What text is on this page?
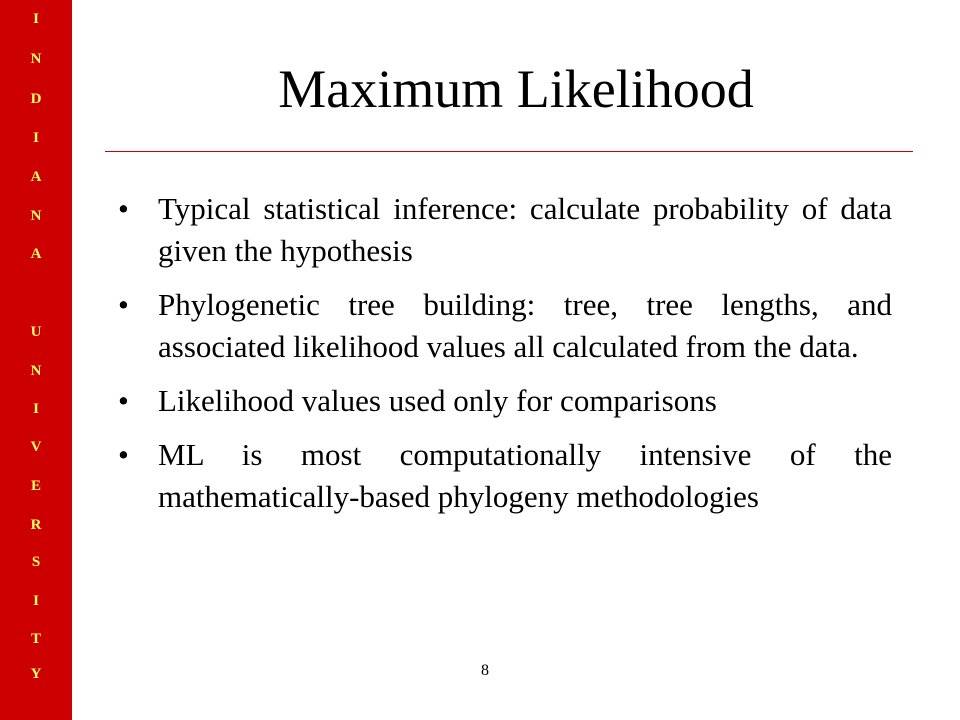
I
N
D
I
A
N
A
U
N
I
V
E
R
S
I
T
Y
Maximum Likelihood
• Typical statistical inference: calculate probability of data given the hypothesis
• Phylogenetic tree building: tree, tree lengths, and associated likelihood values all calculated from the data.
• Likelihood values used only for comparisons
• ML is most computationally intensive of the mathematically-based phylogeny methodologies
8
